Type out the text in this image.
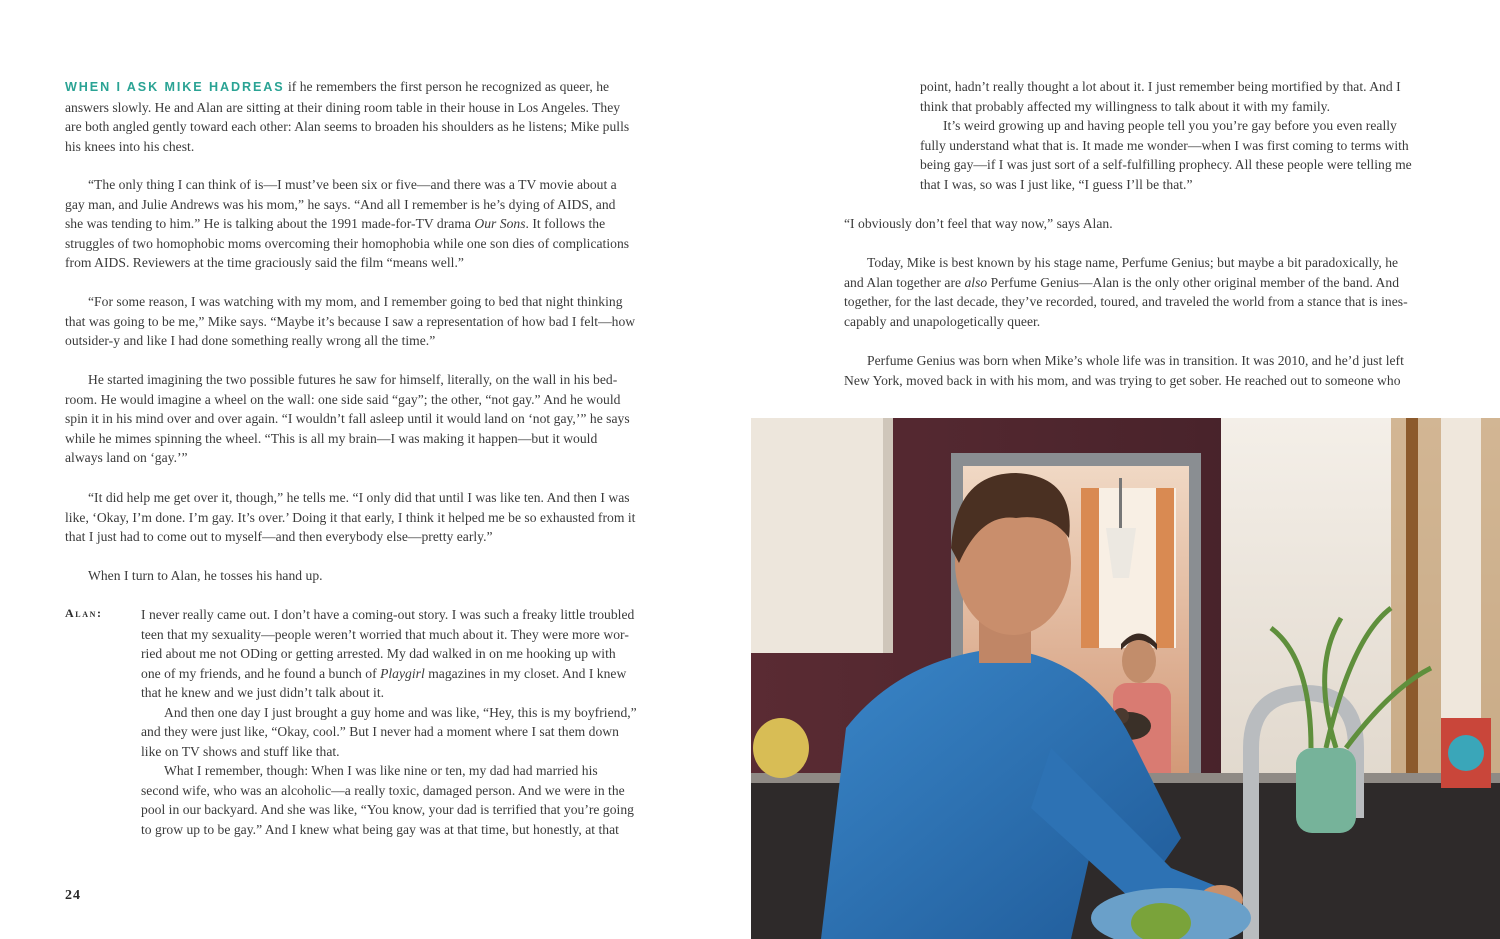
WHEN I ASK MIKE HADREAS if he remembers the first person he recognized as queer, he
answers slowly. He and Alan are sitting at their dining room table in their house in Los Angeles. They
are both angled gently toward each other: Alan seems to broaden his shoulders as he listens; Mike pulls
his knees into his chest.

“The only thing I can think of is—I must’ve been six or five—and there was a TV movie about a
gay man, and Julie Andrews was his mom,” he says. “And all I remember is he’s dying of AIDS, and
she was tending to him.” He is talking about the 1991 made-for-TV drama Our Sons. It follows the
struggles of two homophobic moms overcoming their homophobia while one son dies of complications
from AIDS. Reviewers at the time graciously said the film “means well.”

“For some reason, I was watching with my mom, and I remember going to bed that night thinking
that was going to be me,” Mike says. “Maybe it’s because I saw a representation of how bad I felt—how
outsider-y and like I had done something really wrong all the time.”

He started imagining the two possible futures he saw for himself, literally, on the wall in his bed-
room. He would imagine a wheel on the wall: one side said “gay”; the other, “not gay.” And he would
spin it in his mind over and over again. “I wouldn’t fall asleep until it would land on ‘not gay,’” he says
while he mimes spinning the wheel. “This is all my brain—I was making it happen—but it would
always land on ‘gay.’”

“It did help me get over it, though,” he tells me. “I only did that until I was like ten. And then I was
like, ‘Okay, I’m done. I’m gay. It’s over.’ Doing it that early, I think it helped me be so exhausted from it
that I just had to come out to myself—and then everybody else—pretty early.”

When I turn to Alan, he tosses his hand up.

Alan:	I never really came out. I don’t have a coming-out story. I was such a freaky little troubled
teen that my sexuality—people weren’t worried that much about it. They were more wor-
ried about me not ODing or getting arrested. My dad walked in on me hooking up with
one of my friends, and he found a bunch of Playgirl magazines in my closet. And I knew
that he knew and we just didn’t talk about it.
And then one day I just brought a guy home and was like, “Hey, this is my boyfriend,”
and they were just like, “Okay, cool.” But I never had a moment where I sat them down
like on TV shows and stuff like that.
What I remember, though: When I was like nine or ten, my dad had married his
second wife, who was an alcoholic—a really toxic, damaged person. And we were in the
pool in our backyard. And she was like, “You know, your dad is terrified that you’re going
to grow up to be gay.” And I knew what being gay was at that time, but honestly, at that

24

point, hadn’t really thought a lot about it. I just remember being mortified by that. And I
think that probably affected my willingness to talk about it with my family.
It’s weird growing up and having people tell you you’re gay before you even really
fully understand what that is. It made me wonder—when I was first coming to terms with
being gay—if I was just sort of a self-fulfilling prophecy. All these people were telling me
that I was, so was I just like, “I guess I’ll be that.”

“I obviously don’t feel that way now,” says Alan.

Today, Mike is best known by his stage name, Perfume Genius; but maybe a bit paradoxically, he
and Alan together are also Perfume Genius—Alan is the only other original member of the band. And
together, for the last decade, they’ve recorded, toured, and traveled the world from a stance that is ines-
capably and unapologetically queer.

Perfume Genius was born when Mike’s whole life was in transition. It was 2010, and he’d just left
New York, moved back in with his mom, and was trying to get sober. He reached out to someone who
